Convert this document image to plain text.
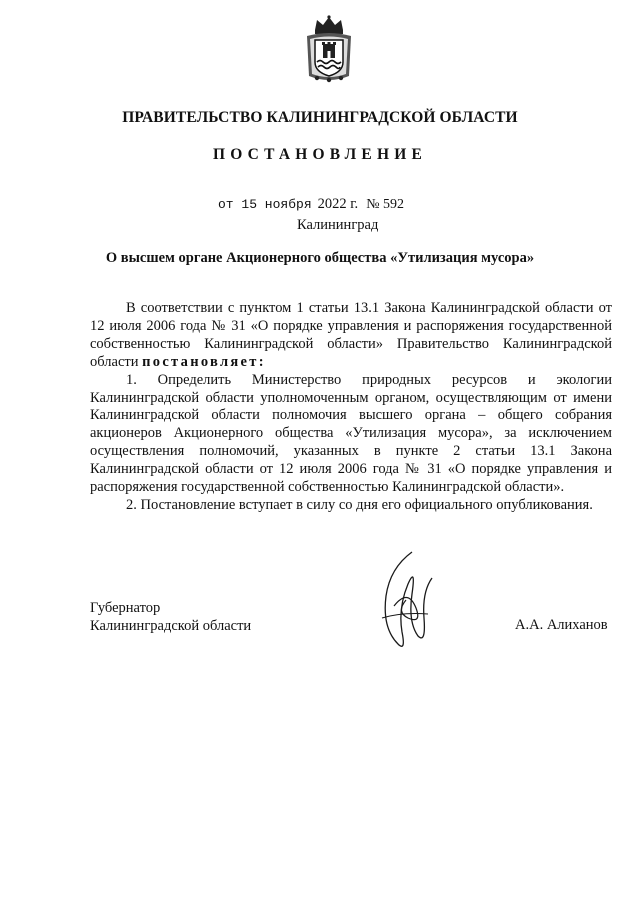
ПРАВИТЕЛЬСТВО КАЛИНИНГРАДСКОЙ ОБЛАСТИ
ПОСТАНОВЛЕНИЕ
от 15 ноября 2022 г. № 592
Калининград
О высшем органе Акционерного общества «Утилизация мусора»

В соответствии с пунктом 1 статьи 13.1 Закона Калининградской области от 12 июля 2006 года № 31 «О порядке управления и распоряжения государственной собственностью Калининградской области» Правительство Калининградской области постановляет:

1. Определить Министерство природных ресурсов и экологии Калининградской области уполномоченным органом, осуществляющим от имени Калининградской области полномочия высшего органа – общего собрания акционеров Акционерного общества «Утилизация мусора», за исключением осуществления полномочий, указанных в пункте 2 статьи 13.1 Закона Калининградской области от 12 июля 2006 года № 31 «О порядке управления и распоряжения государственной собственностью Калининградской области».

2. Постановление вступает в силу со дня его официального опубликования.

Губернатор
Калининградской области	А.А. Алиханов
